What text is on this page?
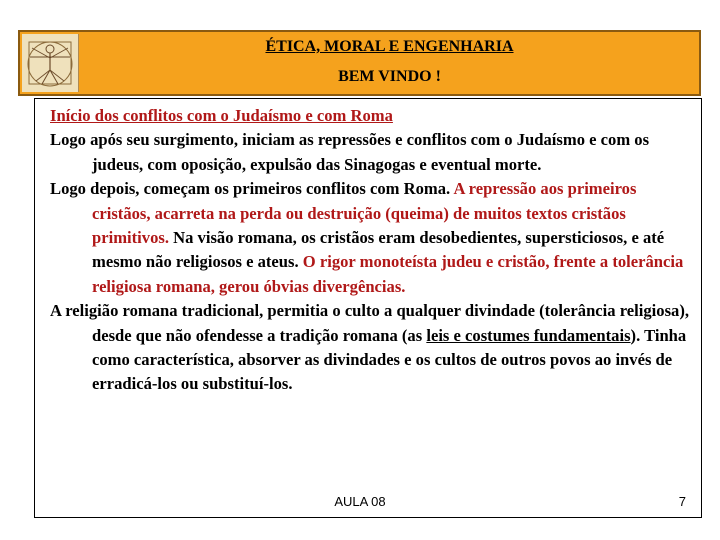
ÉTICA, MORAL E ENGENHARIA
BEM VINDO !

Início dos conflitos com o Judaísmo e com Roma

Logo após seu surgimento, iniciam as repressões e conflitos com o Judaísmo e com os judeus, com oposição, expulsão das Sinagogas e eventual morte.

Logo depois, começam os primeiros conflitos com Roma. A repressão aos primeiros cristãos, acarreta na perda ou destruição (queima) de muitos textos cristãos primitivos. Na visão romana, os cristãos eram desobedientes, supersticiosos, e até mesmo não religiosos e ateus. O rigor monoteísta judeu e cristão, frente a tolerância religiosa romana, gerou óbvias divergências.

A religião romana tradicional, permitia o culto a qualquer divindade (tolerância religiosa), desde que não ofendesse a tradição romana (as leis e costumes fundamentais). Tinha como característica, absorver as divindades e os cultos de outros povos ao invés de erradicá-los ou substituí-los.

AULA 08	7
